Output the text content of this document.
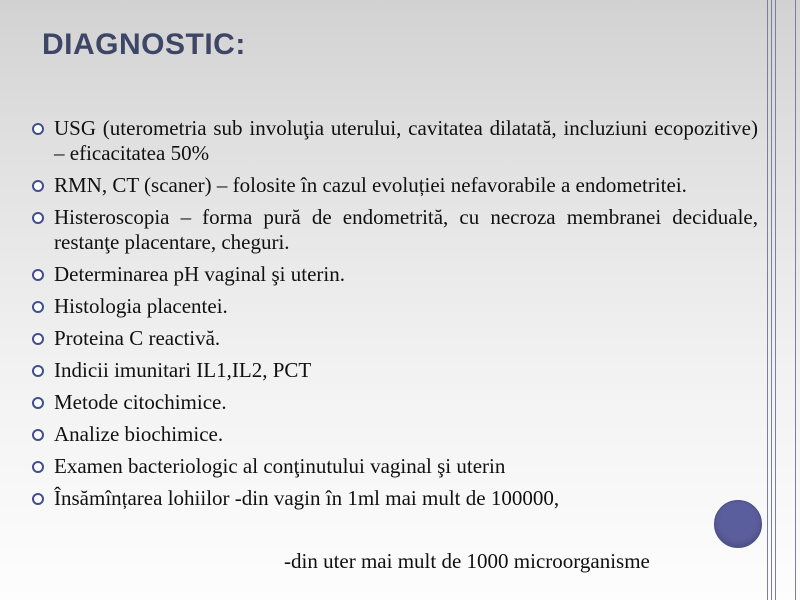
DIAGNOSTIC:
USG (uterometria sub involuţia uterului, cavitatea dilatată, incluziuni ecopozitive) – eficacitatea 50%
RMN, CT (scaner) – folosite în cazul evoluției nefavorabile a endometritei.
Histeroscopia – forma pură de endometrită, cu necroza membranei deciduale, restanţe placentare, cheguri.
Determinarea pH vaginal şi uterin.
Histologia placentei.
Proteina C reactivă.
Indicii imunitari IL1,IL2, PCT
Metode citochimice.
Analize biochimice.
Examen bacteriologic al conţinutului vaginal şi uterin
Însămînțarea lohiilor -din vagin în 1ml mai mult de 100000,
-din uter mai mult de 1000 microorganisme
